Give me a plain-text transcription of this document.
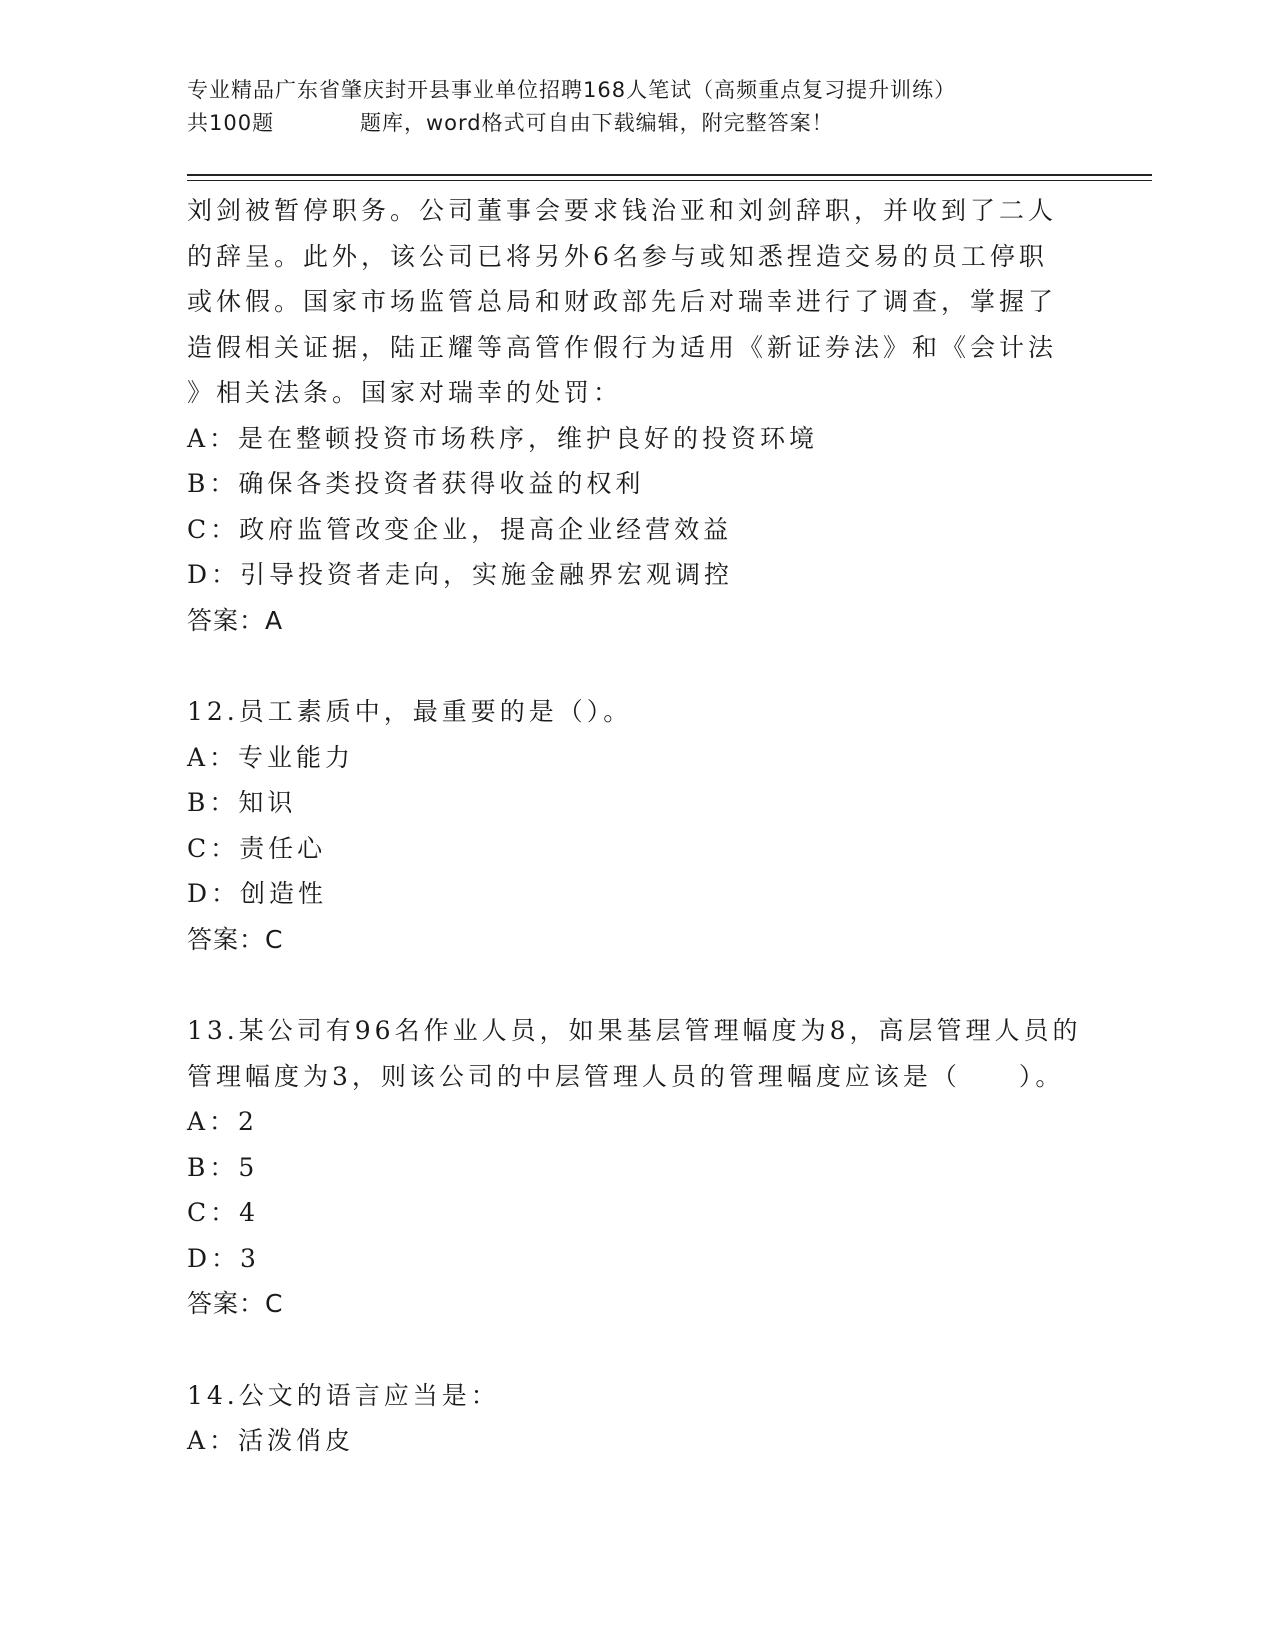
专业精品广东省肇庆封开县事业单位招聘168人笔试（高频重点复习提升训练）
共100题	题库，word格式可自由下载编辑，附完整答案！
刘剑被暂停职务。公司董事会要求钱治亚和刘剑辞职，并收到了二人
的辞呈。此外，该公司已将另外6名参与或知悉捏造交易的员工停职
或休假。国家市场监管总局和财政部先后对瑞幸进行了调查，掌握了
造假相关证据，陆正耀等高管作假行为适用《新证券法》和《会计法
》相关法条。国家对瑞幸的处罚：
A：是在整顿投资市场秩序，维护良好的投资环境
B：确保各类投资者获得收益的权利
C：政府监管改变企业，提高企业经营效益
D：引导投资者走向，实施金融界宏观调控
答案：A
12.员工素质中，最重要的是（）。
A：专业能力
B：知识
C：责任心
D：创造性
答案：C
13.某公司有96名作业人员，如果基层管理幅度为8，高层管理人员的
管理幅度为3，则该公司的中层管理人员的管理幅度应该是（　　）。
A：2
B：5
C：4
D：3
答案：C
14.公文的语言应当是：
A：活泼俏皮
